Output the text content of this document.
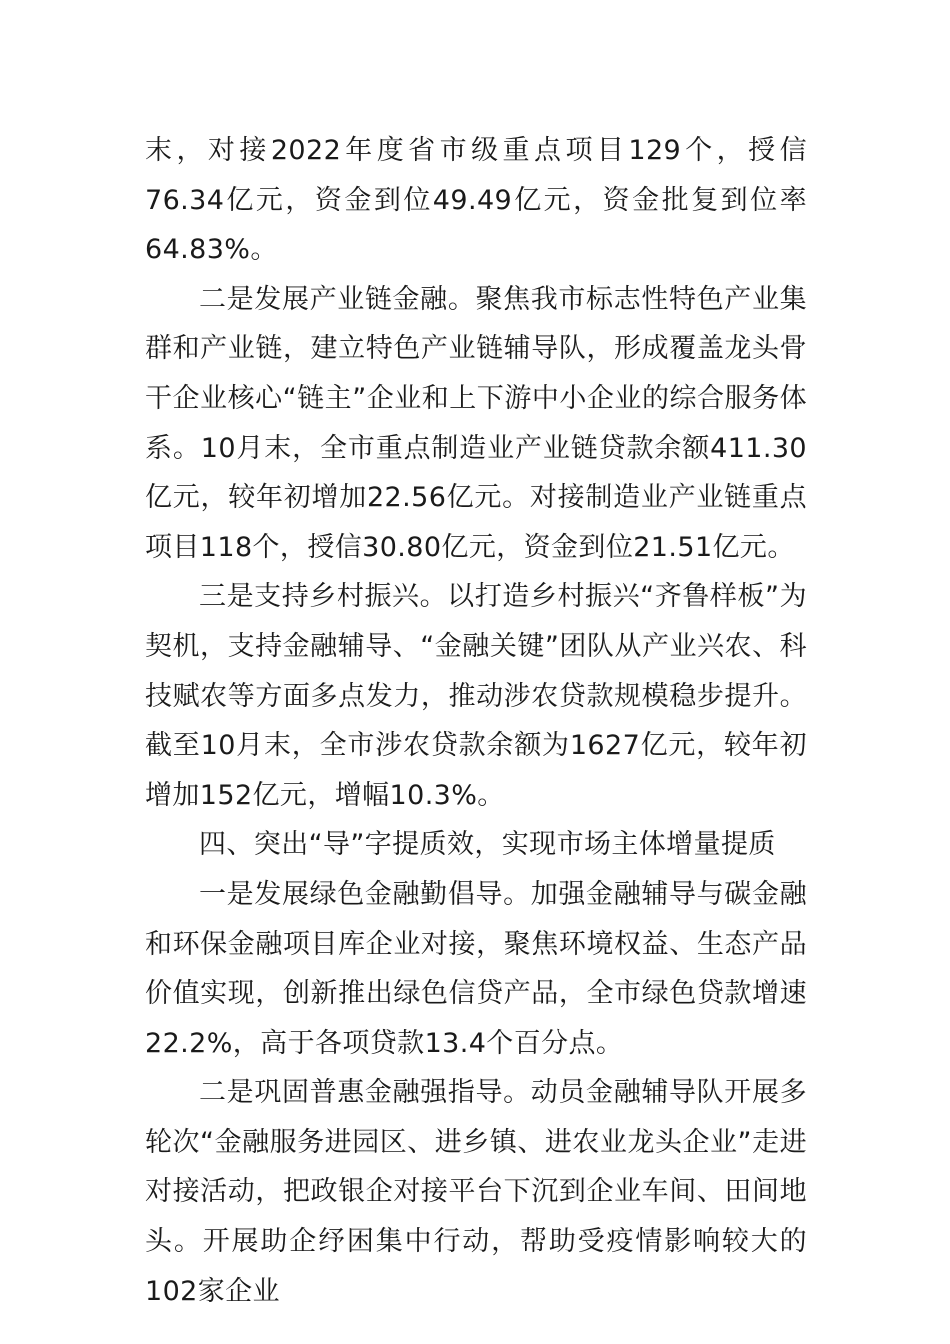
末，对接2022年度省市级重点项目129个，授信76.34亿元，资金到位49.49亿元，资金批复到位率64.83%。

二是发展产业链金融。聚焦我市标志性特色产业集群和产业链，建立特色产业链辅导队，形成覆盖龙头骨干企业核心“链主”企业和上下游中小企业的综合服务体系。10月末，全市重点制造业产业链贷款余额411.30亿元，较年初增加22.56亿元。对接制造业产业链重点项目118个，授信30.80亿元，资金到位21.51亿元。

三是支持乡村振兴。以打造乡村振兴“齐鲁样板”为契机，支持金融辅导、“金融关键”团队从产业兴农、科技赋农等方面多点发力，推动涉农贷款规模稳步提升。截至10月末，全市涉农贷款余额为1627亿元，较年初增加152亿元，增幅10.3%。

四、突出“导”字提质效，实现市场主体增量提质

一是发展绿色金融勤倡导。加强金融辅导与碳金融和环保金融项目库企业对接，聚焦环境权益、生态产品价值实现，创新推出绿色信贷产品，全市绿色贷款增速22.2%，高于各项贷款13.4个百分点。

二是巩固普惠金融强指导。动员金融辅导队开展多轮次“金融服务进园区、进乡镇、进农业龙头企业”走进对接活动，把政银企对接平台下沉到企业车间、田间地头。开展助企纾困集中行动，帮助受疫情影响较大的102家企业
